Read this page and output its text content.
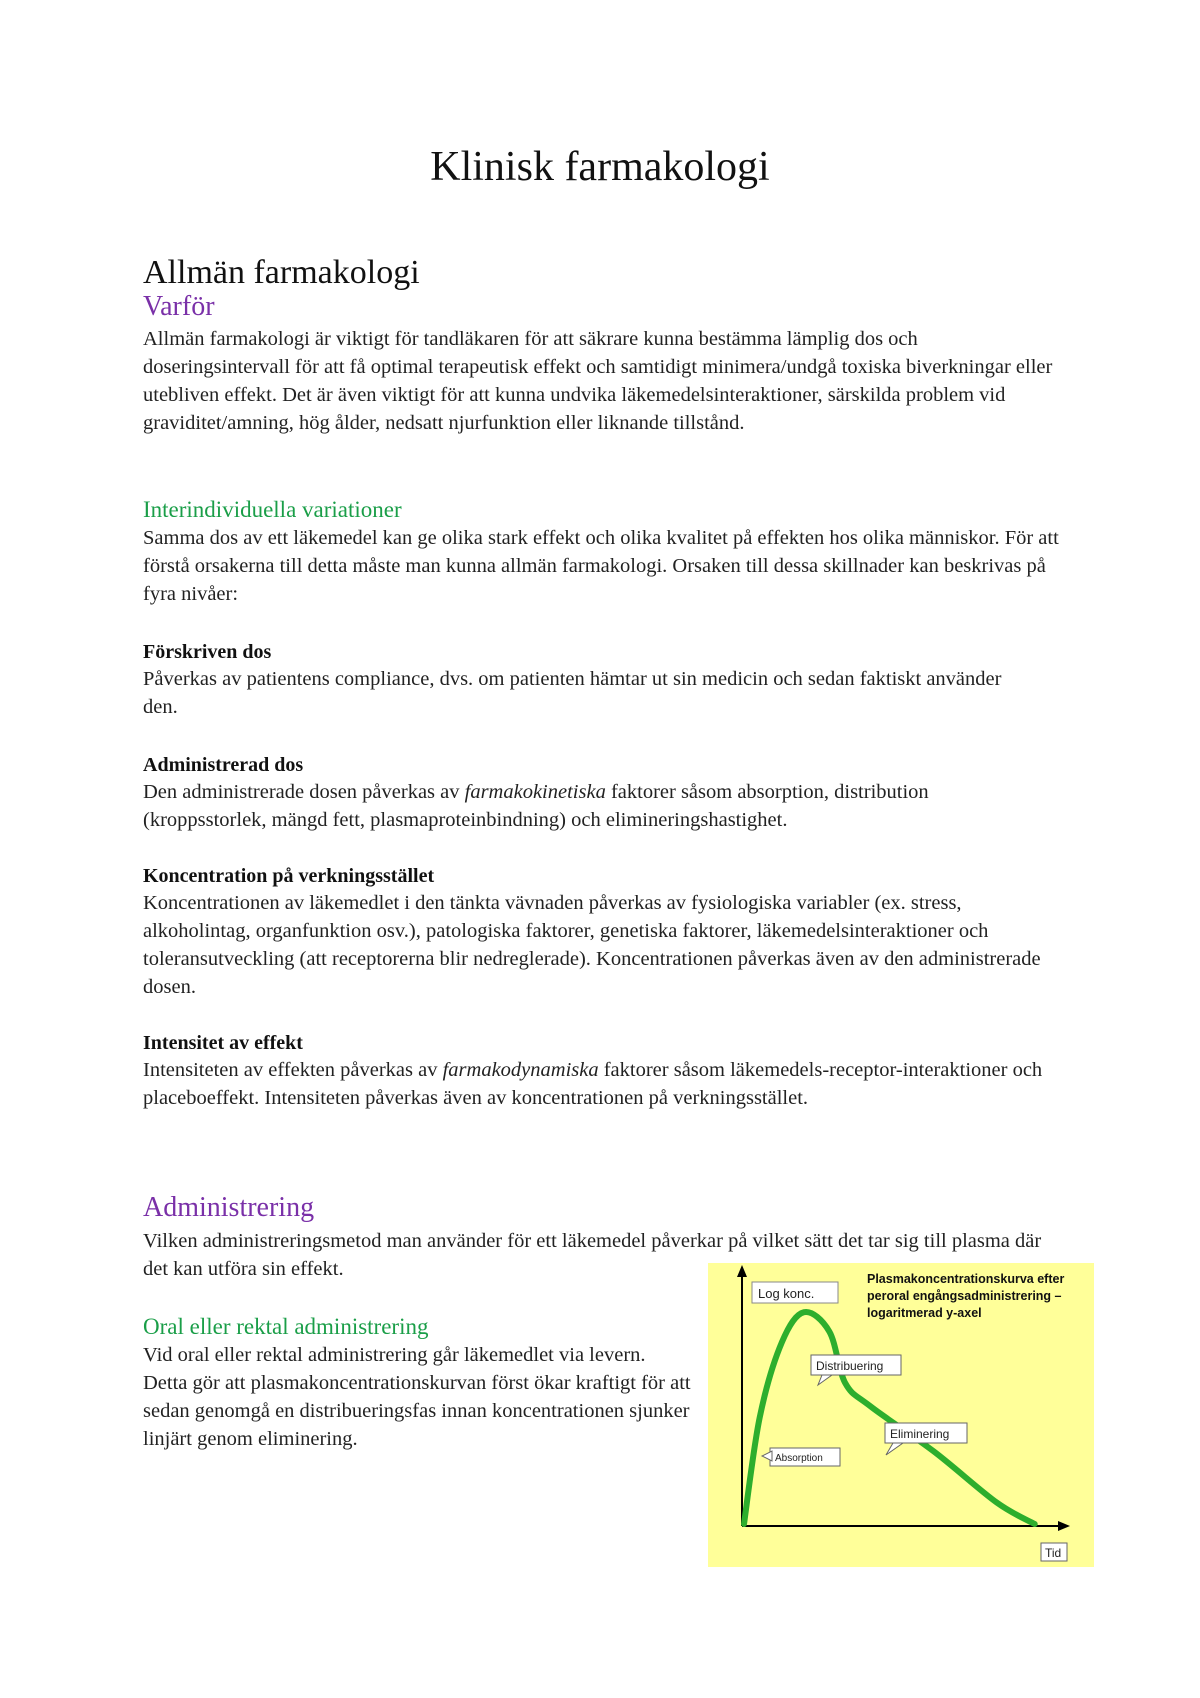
Klinisk farmakologi
Allmän farmakologi
Varför

Allmän farmakologi är viktigt för tandläkaren för att säkrare kunna bestämma lämplig dos och doseringsintervall för att få optimal terapeutisk effekt och samtidigt minimera/undgå toxiska biverkningar eller utebliven effekt. Det är även viktigt för att kunna undvika läkemedelsinteraktioner, särskilda problem vid graviditet/amning, hög ålder, nedsatt njurfunktion eller liknande tillstånd.

Interindividuella variationer

Samma dos av ett läkemedel kan ge olika stark effekt och olika kvalitet på effekten hos olika människor. För att förstå orsakerna till detta måste man kunna allmän farmakologi. Orsaken till dessa skillnader kan beskrivas på fyra nivåer:

Förskriven dos

Påverkas av patientens compliance, dvs. om patienten hämtar ut sin medicin och sedan faktiskt använder den.

Administrerad dos

Den administrerade dosen påverkas av farmakokinetiska faktorer såsom absorption, distribution (kroppsstorlek, mängd fett, plasmaproteinbindning) och elimineringshastighet.

Koncentration på verkningsstället

Koncentrationen av läkemedlet i den tänkta vävnaden påverkas av fysiologiska variabler (ex. stress, alkoholintag, organfunktion osv.), patologiska faktorer, genetiska faktorer, läkemedelsinteraktioner och toleransutveckling (att receptorerna blir nedreglerade). Koncentrationen påverkas även av den administrerade dosen.

Intensitet av effekt

Intensiteten av effekten påverkas av farmakodynamiska faktorer såsom läkemedels-receptor-interaktioner och placeboeffekt. Intensiteten påverkas även av koncentrationen på verkningsstället.

Administrering

Vilken administreringsmetod man använder för ett läkemedel påverkar på vilket sätt det tar sig till plasma där det kan utföra sin effekt.

Oral eller rektal administrering

Vid oral eller rektal administrering går läkemedlet via levern. Detta gör att plasmakoncentrationskurvan först ökar kraftigt för att sedan genomgå en distribueringsfas innan koncentrationen sjunker linjärt genom eliminering.

Log konc.
Plasmakoncentrationskurva efter peroral engångsadministrering – logaritmerad y-axel
Distribuering
Eliminering
Absorption
Tid
